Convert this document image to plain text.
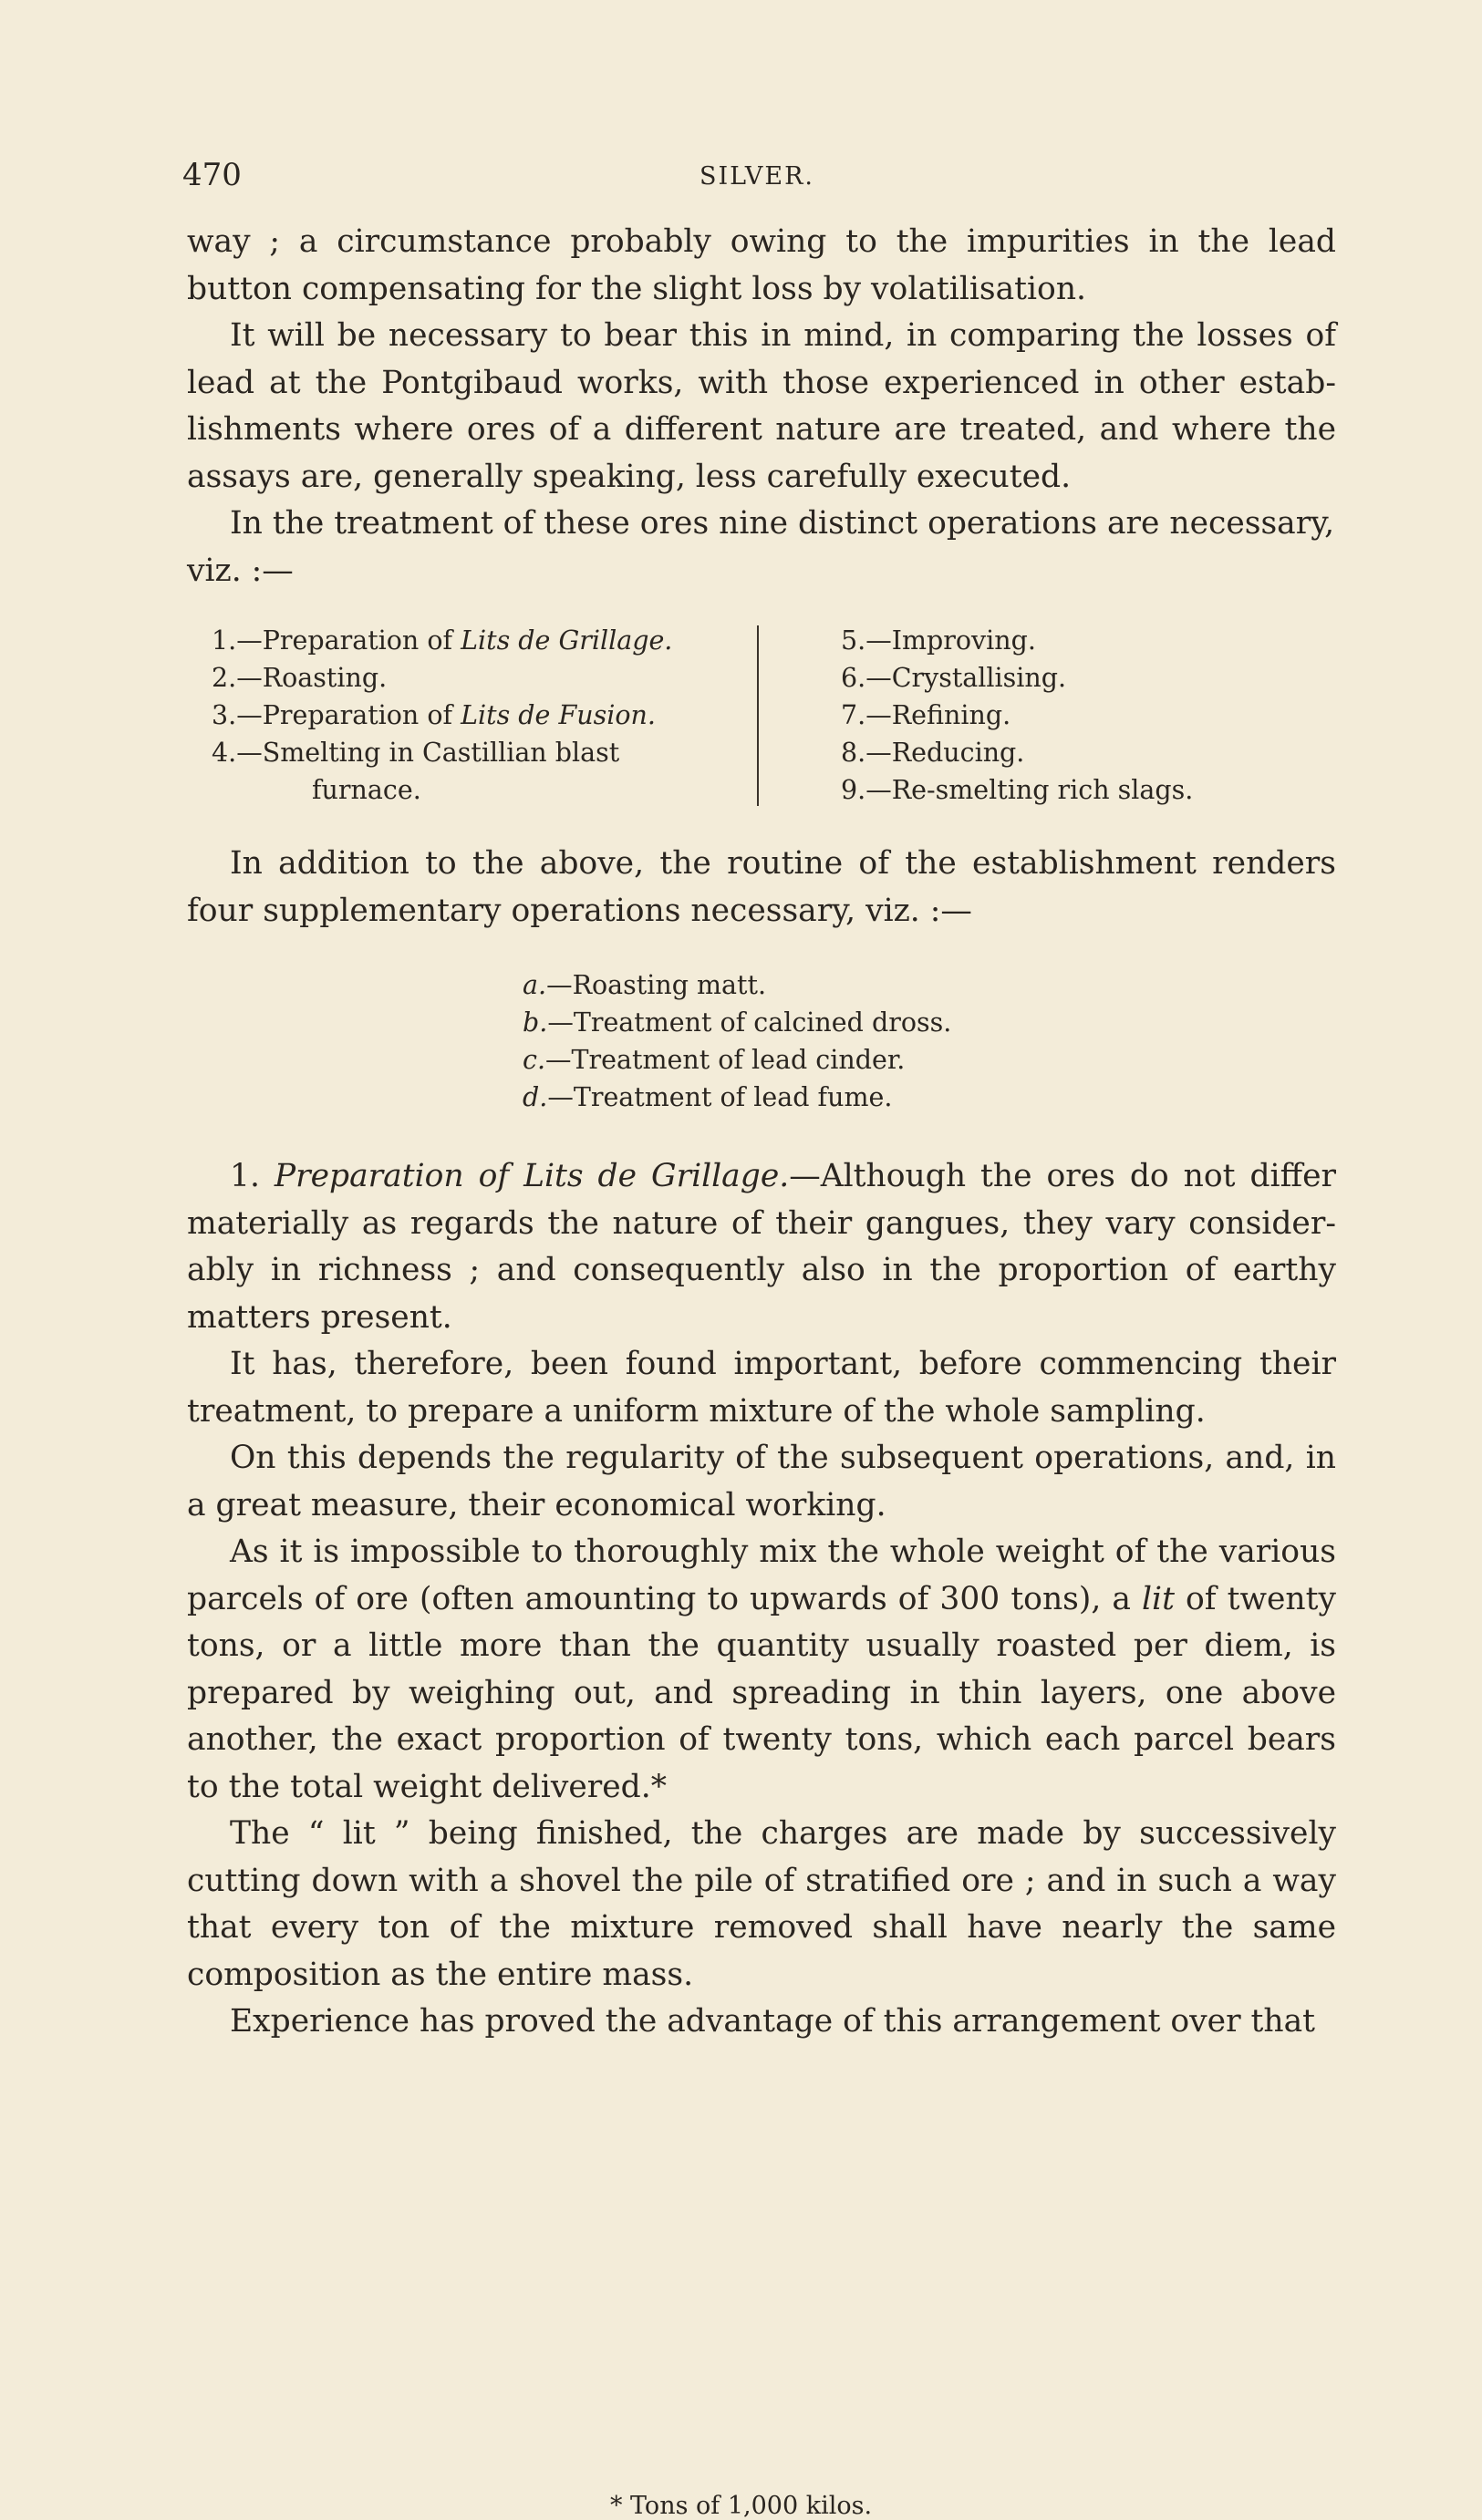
470	SILVER.

way ; a circumstance probably owing to the impurities in the lead button compensating for the slight loss by volatilisation.

It will be necessary to bear this in mind, in comparing the losses of lead at the Pontgibaud works, with those experienced in other establishments where ores of a different nature are treated, and where the assays are, generally speaking, less carefully executed.

In the treatment of these ores nine distinct operations are necessary,

viz. :—

1.—Preparation of Lits de Grillage.
2.—Roasting.
3.—Preparation of Lits de Fusion.
4.—Smelting in Castillian blast
furnace.
5.—Improving.
6.—Crystallising.
7.—Refining.
8.—Reducing.
9.—Re-smelting rich slags.

In addition to the above, the routine of the establishment renders four supplementary operations necessary, viz. :—

a.—Roasting matt.
b.—Treatment of calcined dross.
c.—Treatment of lead cinder.
d.—Treatment of lead fume.

1. Preparation of Lits de Grillage.—Although the ores do not differ materially as regards the nature of their gangues, they vary considerably in richness ; and consequently also in the proportion of earthy matters present.

It has, therefore, been found important, before commencing their treatment, to prepare a uniform mixture of the whole sampling.

On this depends the regularity of the subsequent operations, and, in a great measure, their economical working.

As it is impossible to thoroughly mix the whole weight of the various parcels of ore (often amounting to upwards of 300 tons), a lit of twenty tons, or a little more than the quantity usually roasted per diem, is prepared by weighing out, and spreading in thin layers, one above another, the exact proportion of twenty tons, which each parcel bears to the total weight delivered.*

The “ lit ” being finished, the charges are made by successively cutting down with a shovel the pile of stratified ore ; and in such a way that every ton of the mixture removed shall have nearly the same composition as the entire mass.

Experience has proved the advantage of this arrangement over that

* Tons of 1,000 kilos.
